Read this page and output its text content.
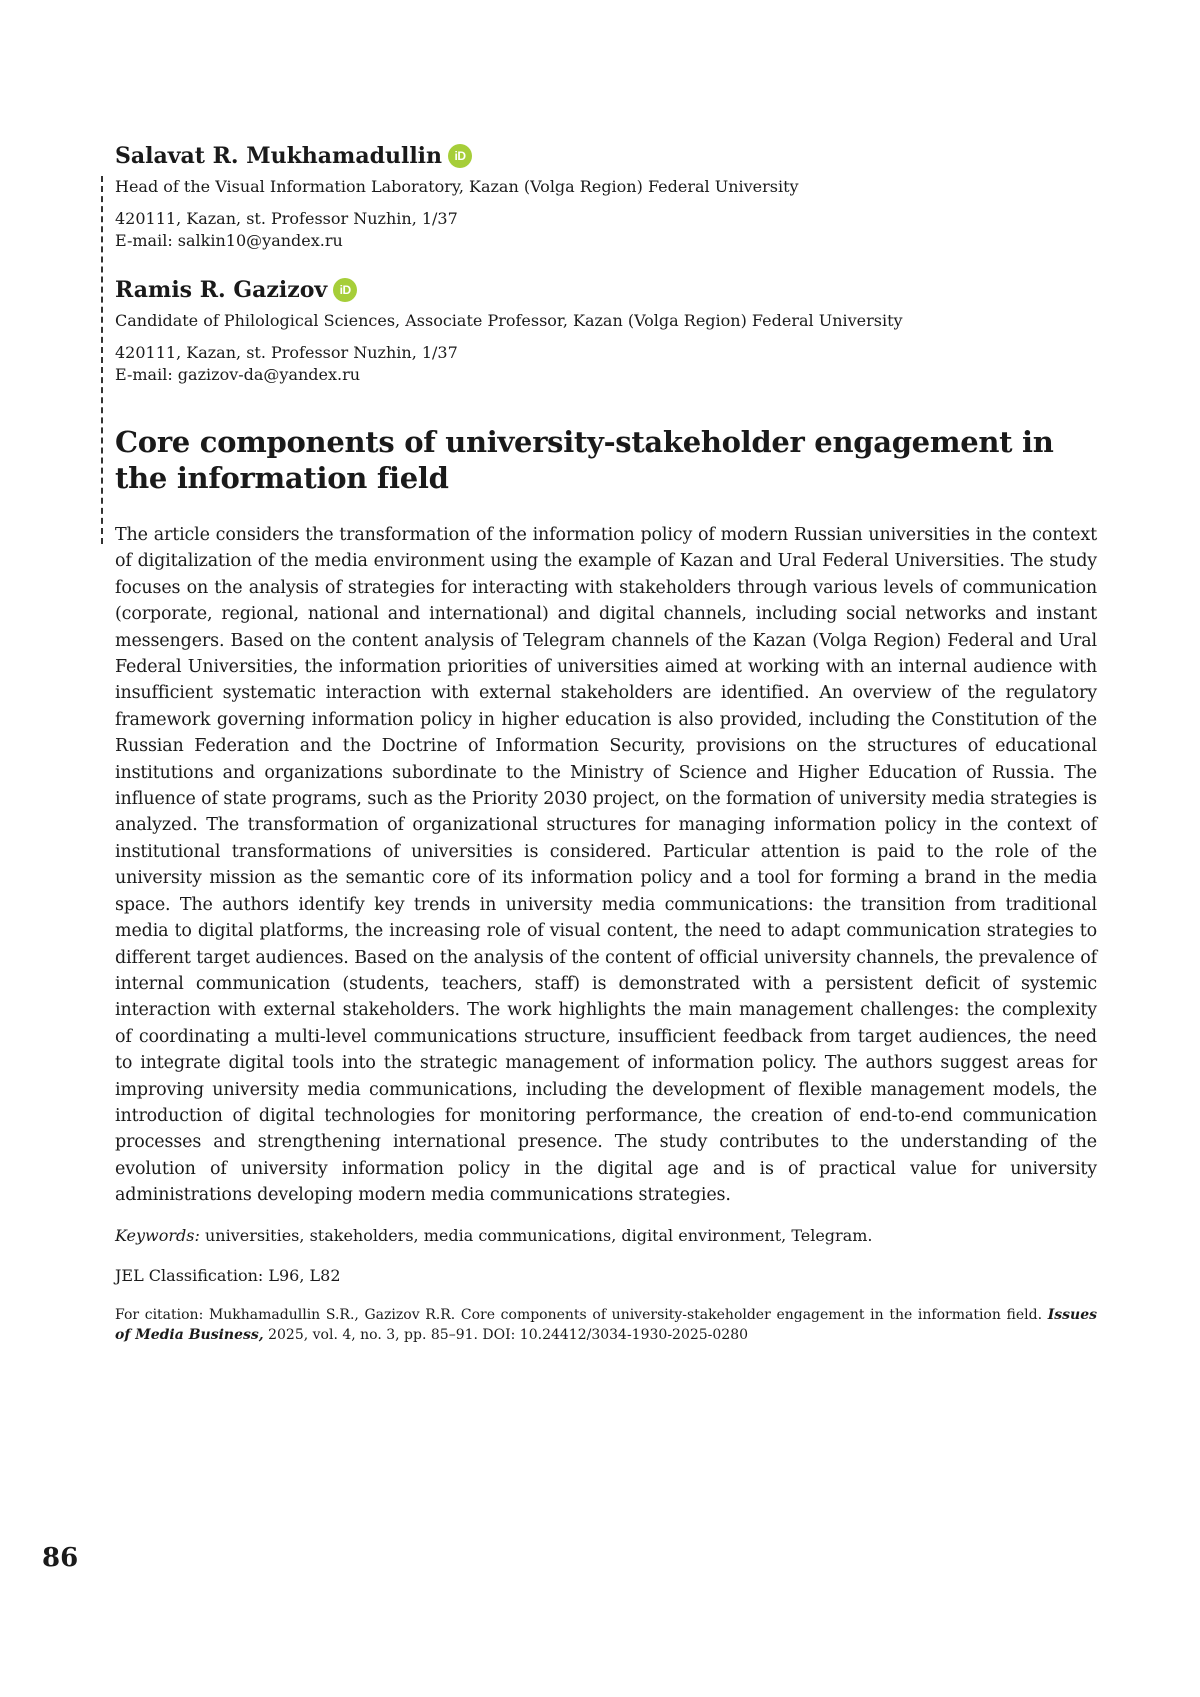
Salavat R. Mukhamadullin	iD
Head of the Visual Information Laboratory, Kazan (Volga Region) Federal University
420111, Kazan, st. Professor Nuzhin, 1/37
E-mail: salkin10@yandex.ru
Ramis R. Gazizov	iD
Candidate of Philological Sciences, Associate Professor, Kazan (Volga Region) Federal University
420111, Kazan, st. Professor Nuzhin, 1/37
E-mail: gazizov-da@yandex.ru
Core components of university-stakeholder engagement in the information field

The article considers the transformation of the information policy of modern Russian universities in the context of digitalization of the media environment using the example of Kazan and Ural Federal Universities. The study focuses on the analysis of strategies for interacting with stakeholders through various levels of communication (corporate, regional, national and international) and digital channels, including social networks and instant messengers. Based on the content analysis of Telegram channels of the Kazan (Volga Region) Federal and Ural Federal Universities, the information priorities of universities aimed at working with an internal audience with insufficient systematic interaction with external stakeholders are identified. An overview of the regulatory framework governing information policy in higher education is also provided, including the Constitution of the Russian Federation and the Doctrine of Information Security, provisions on the structures of educational institutions and organizations subordinate to the Ministry of Science and Higher Education of Russia. The influence of state programs, such as the Priority 2030 project, on the formation of university media strategies is analyzed. The transformation of organizational structures for managing information policy in the context of institutional transformations of universities is considered. Particular attention is paid to the role of the university mission as the semantic core of its information policy and a tool for forming a brand in the media space. The authors identify key trends in university media communications: the transition from traditional media to digital platforms, the increasing role of visual content, the need to adapt communication strategies to different target audiences. Based on the analysis of the content of official university channels, the prevalence of internal communication (students, teachers, staff) is demonstrated with a persistent deficit of systemic interaction with external stakeholders. The work highlights the main management challenges: the complexity of coordinating a multi-level communications structure, insufficient feedback from target audiences, the need to integrate digital tools into the strategic management of information policy. The authors suggest areas for improving university media communications, including the development of flexible management models, the introduction of digital technologies for monitoring performance, the creation of end-to-end communication processes and strengthening international presence. The study contributes to the understanding of the evolution of university information policy in the digital age and is of practical value for university administrations developing modern media communications strategies.

Keywords: universities, stakeholders, media communications, digital environment, Telegram.
JEL Classification: L96, L82
For citation: Mukhamadullin S.R., Gazizov R.R. Core components of university-stakeholder engagement in the information field. Issues of Media Business, 2025, vol. 4, no. 3, pp. 85–91. DOI: 10.24412/3034-1930-2025-0280
86
